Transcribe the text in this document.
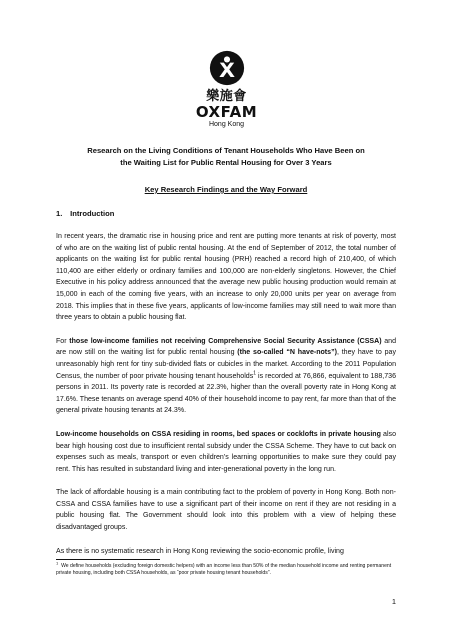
樂施會
OXFAM
Hong Kong
Research on the Living Conditions of Tenant Households Who Have Been on
the Waiting List for Public Rental Housing for Over 3 Years
Key Research Findings and the Way Forward
1. Introduction

In recent years, the dramatic rise in housing price and rent are putting more tenants at risk of poverty, most of who are on the waiting list of public rental housing. At the end of September of 2012, the total number of applicants on the waiting list for public rental housing (PRH) reached a record high of 210,400, of which 110,400 are either elderly or ordinary families and 100,000 are non-elderly singletons. However, the Chief Executive in his policy address announced that the average new public housing production would remain at 15,000 in each of the coming five years, with an increase to only 20,000 units per year on average from 2018. This implies that in these five years, applicants of low-income families may still need to wait more than three years to obtain a public housing flat.

For those low-income families not receiving Comprehensive Social Security Assistance (CSSA) and are now still on the waiting list for public rental housing (the so-called “N have-nots”), they have to pay unreasonably high rent for tiny sub-divided flats or cubicles in the market. According to the 2011 Population Census, the number of poor private housing tenant households$^1$ is recorded at 76,866, equivalent to 188,736 persons in 2011. Its poverty rate is recorded at 22.3%, higher than the overall poverty rate in Hong Kong at 17.6%. These tenants on average spend 40% of their household income to pay rent, far more than that of the general private housing tenants at 24.3%.

Low-income households on CSSA residing in rooms, bed spaces or cocklofts in private housing also bear high housing cost due to insufficient rental subsidy under the CSSA Scheme. They have to cut back on expenses such as meals, transport or even children’s learning opportunities to make sure they could pay rent. This has resulted in substandard living and inter-generational poverty in the long run.

The lack of affordable housing is a main contributing fact to the problem of poverty in Hong Kong. Both non-CSSA and CSSA families have to use a significant part of their income on rent if they are not residing in a public housing flat. The Government should look into this problem with a view of helping these disadvantaged groups.

As there is no systematic research in Hong Kong reviewing the socio-economic profile, living

$^1$  We define households (excluding foreign domestic helpers) with an income less than 50% of the median household income and renting permanent private housing, including both CSSA households, as “poor private housing tenant households”.
1
